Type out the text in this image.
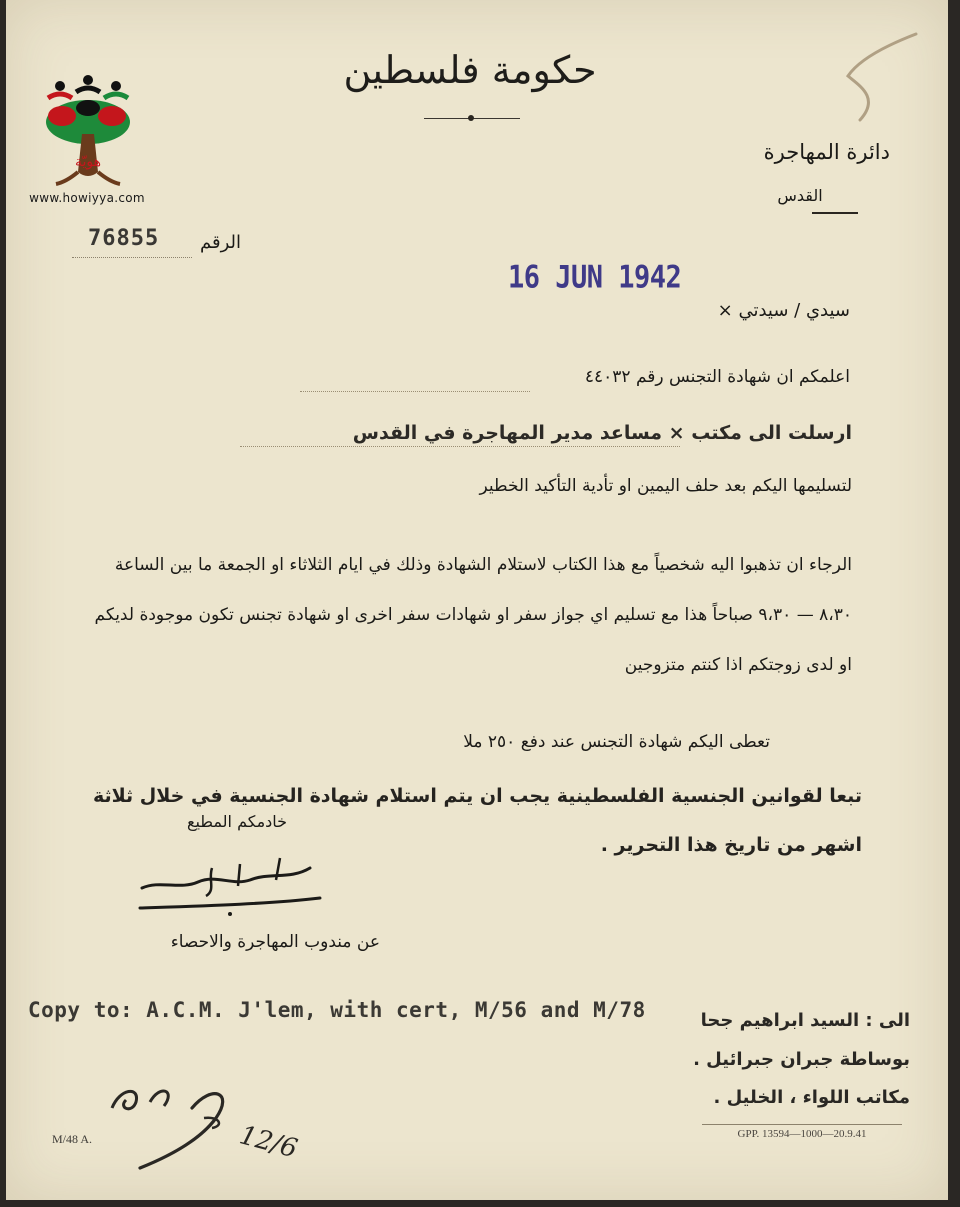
هويّة
www.howiyya.com
حكومة فلسطين
دائرة المهاجرة
القدس
76855 الرقم
16 JUN 1942
سيدي / سيدتي ×
اعلمكم ان شهادة التجنس رقم ٤٤٠٣٢
ارسلت الى مكتب × مساعد مدير المهاجرة في القدس
لتسليمها اليكم بعد حلف اليمين او تأدية التأكيد الخطير
الرجاء ان تذهبوا اليه شخصياً مع هذا الكتاب لاستلام الشهادة وذلك في ايام الثلاثاء او الجمعة ما بين الساعة ٨،٣٠ — ٩،٣٠ صباحاً هذا مع تسليم اي جواز سفر او شهادات سفر اخرى او شهادة تجنس تكون موجودة لديكم او لدى زوجتكم اذا كنتم متزوجين
تعطى اليكم شهادة التجنس عند دفع ٢٥٠ ملا
تبعا لقوانين الجنسية الفلسطينية يجب ان يتم استلام شهادة الجنسية في خلال ثلاثة اشهر من تاريخ هذا التحرير .
خادمكم المطيع
عن مندوب المهاجرة والاحصاء
Copy to: A.C.M. J'lem, with cert, M/56 and M/78	الى : السيد ابراهيم جحا
بوساطة جبران جبرائيل .
مكاتب اللواء ، الخليل .
12/6
M/48 A.	GPP. 13594—1000—20.9.41
